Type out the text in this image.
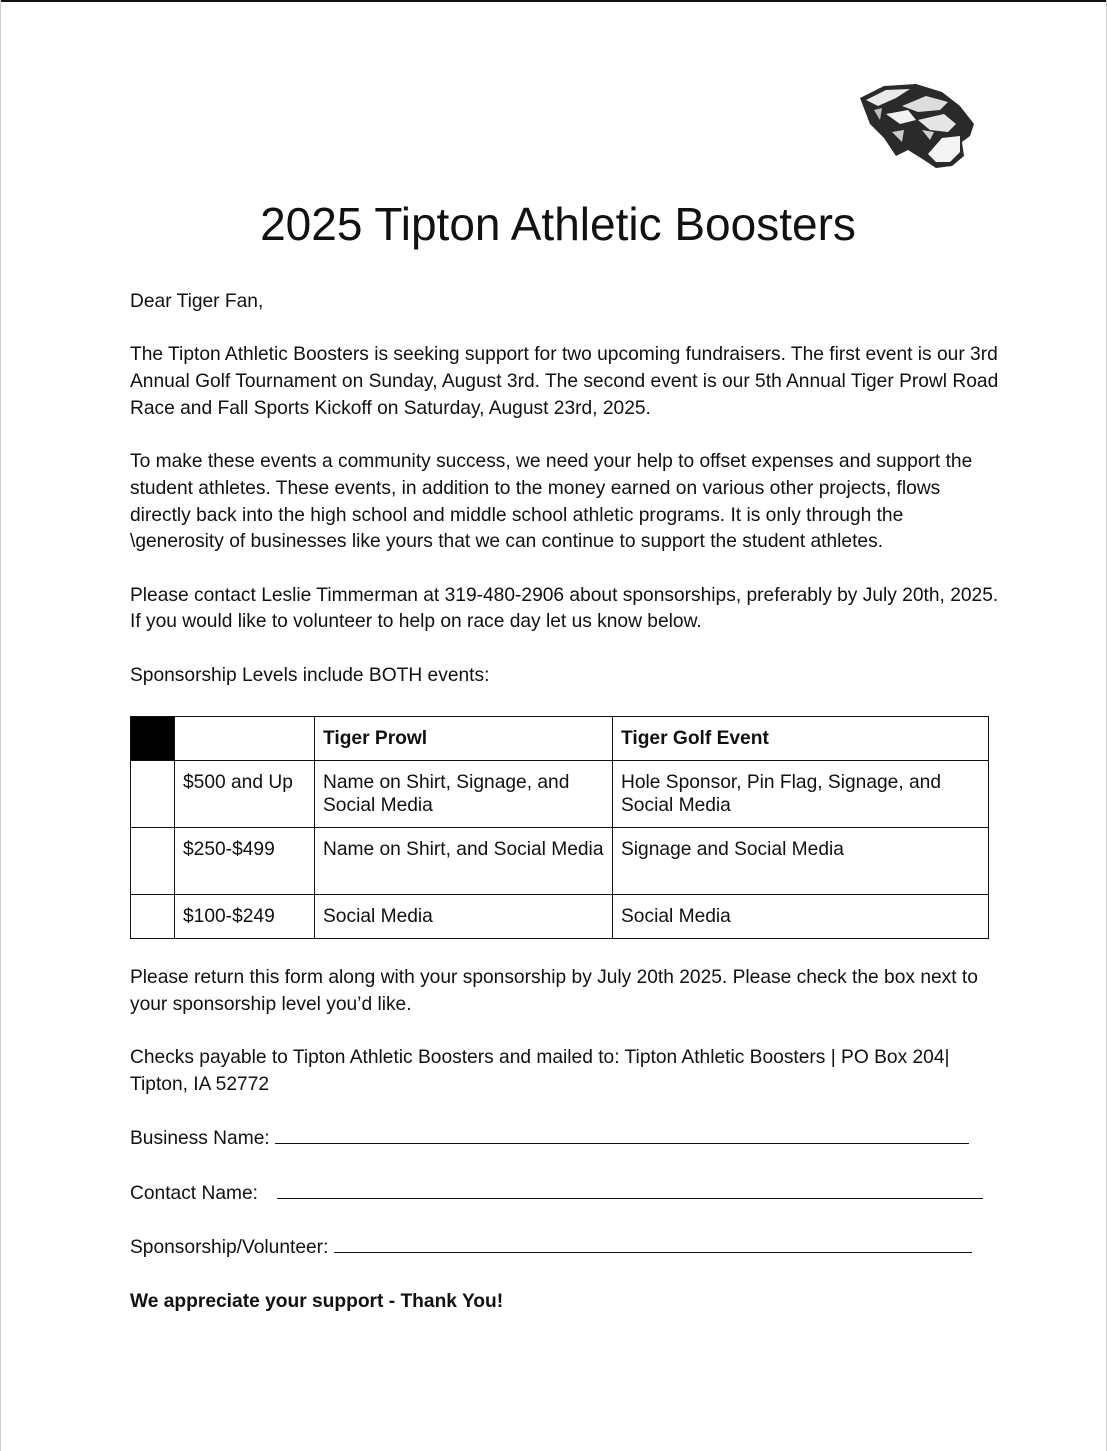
2025 Tipton Athletic Boosters

Dear Tiger Fan,

The Tipton Athletic Boosters is seeking support for two upcoming fundraisers. The first event is our 3rd Annual Golf Tournament on Sunday, August 3rd. The second event is our 5th Annual Tiger Prowl Road Race and Fall Sports Kickoff on Saturday, August 23rd, 2025.

To make these events a community success, we need your help to offset expenses and support the student athletes. These events, in addition to the money earned on various other projects, flows directly back into the high school and middle school athletic programs. It is only through the \generosity of businesses like yours that we can continue to support the student athletes.

Please contact Leslie Timmerman at 319-480-2906 about sponsorships, preferably by July 20th, 2025. If you would like to volunteer to help on race day let us know below.

Sponsorship Levels include BOTH events:

		Tiger Prowl	Tiger Golf Event
	$500 and Up	Name on Shirt, Signage, and Social Media	Hole Sponsor, Pin Flag, Signage, and Social Media
	$250-$499	Name on Shirt, and Social Media	Signage and Social Media
	$100-$249	Social Media	Social Media

Please return this form along with your sponsorship by July 20th 2025. Please check the box next to your sponsorship level you’d like.

Checks payable to Tipton Athletic Boosters and mailed to: Tipton Athletic Boosters | PO Box 204| Tipton, IA 52772

Business Name:
Contact Name:
Sponsorship/Volunteer:

We appreciate your support - Thank You!
